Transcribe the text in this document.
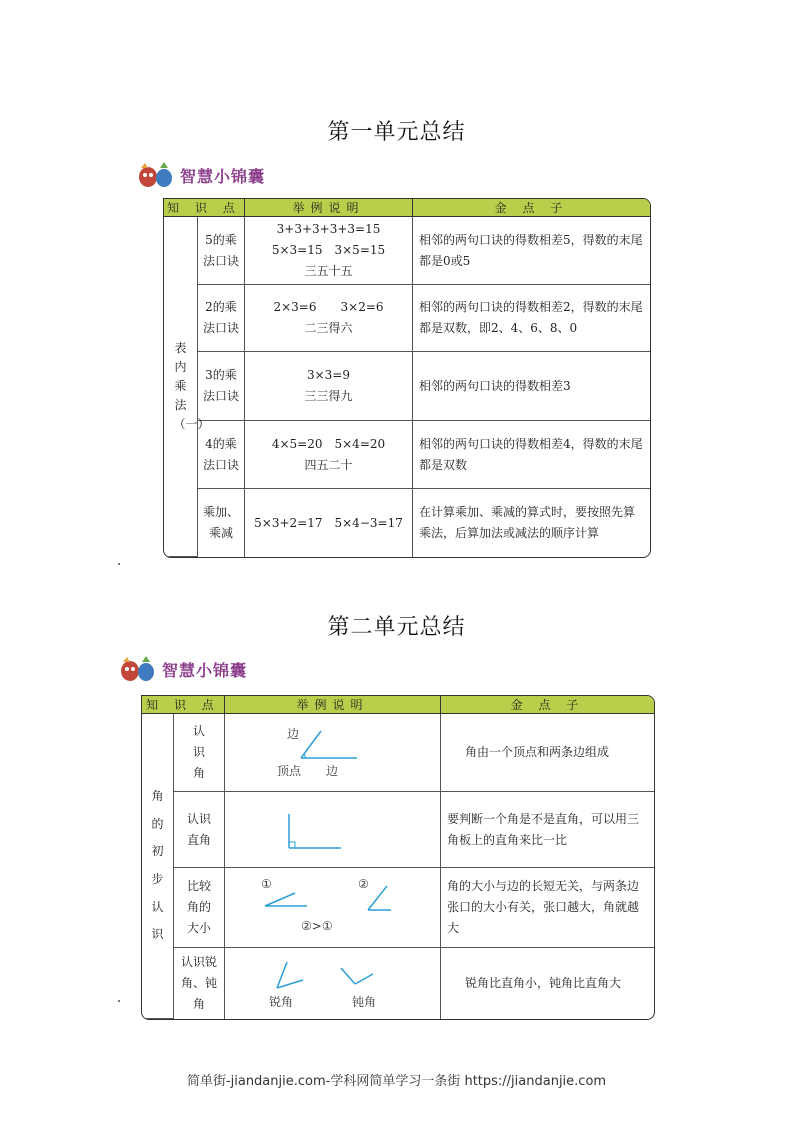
第一单元总结
智慧小锦囊
知 识 点		举例说明	金 点 子

表内乘法（一）	5的乘法口诀	3+3+3+3+3=15
5×3=15　3×5=15
三五十五	相邻的两句口诀的得数相差5，得数的末尾都是0或5

	2的乘法口诀	2×3=6　　3×2=6
二三得六	相邻的两句口诀的得数相差2，得数的末尾都是双数，即2、4、6、8、0

	3的乘法口诀	3×3=9
三三得九	相邻的两句口诀的得数相差3

	4的乘法口诀	4×5=20　5×4=20
四五二十	相邻的两句口诀的得数相差4，得数的末尾都是双数

	乘加、乘减	5×3+2=17　5×4−3=17	在计算乘加、乘减的算式时，要按照先算乘法，后算加法或减法的顺序计算
第二单元总结
智慧小锦囊
知 识 点		举例说明	金 点 子

角的初步认识	认识角	边
顶点 边	角由一个顶点和两条边组成

	认识直角		要判断一个角是不是直角，可以用三角板上的直角来比一比

	比较角的大小	① ②
②>①	角的大小与边的长短无关，与两条边张口的大小有关，张口越大，角就越大

	认识锐角、钝角	锐角 钝角	锐角比直角小，钝角比直角大
简单街-jiandanjie.com-学科网简单学习一条街 https://jiandanjie.com
